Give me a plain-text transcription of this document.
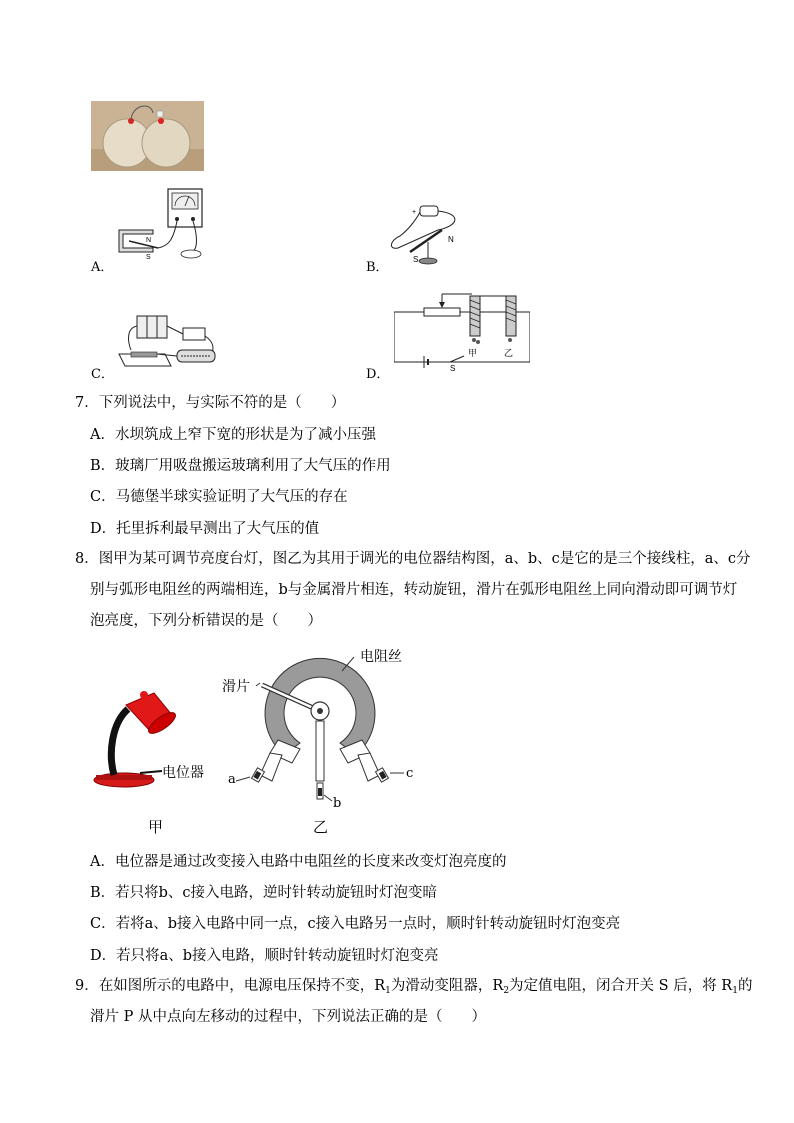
N
S
A．
+
S
N
B．
C．
甲	乙
S
D．
7．下列说法中，与实际不符的是（　　）
A．水坝筑成上窄下宽的形状是为了减小压强
B．玻璃厂用吸盘搬运玻璃利用了大气压的作用
C．马德堡半球实验证明了大气压的存在
D．托里拆利最早测出了大气压的值
8．图甲为某可调节亮度台灯，图乙为其用于调光的电位器结构图，a、b、c是它的是三个接线柱，a、c分
别与弧形电阻丝的两端相连，b与金属滑片相连，转动旋钮，滑片在弧形电阻丝上同向滑动即可调节灯
泡亮度，下列分析错误的是（　　）
电位器
甲
电阻丝
滑片
a
b
c
乙
A．电位器是通过改变接入电路中电阻丝的长度来改变灯泡亮度的
B．若只将b、c接入电路，逆时针转动旋钮时灯泡变暗
C．若将a、b接入电路中同一点，c接入电路另一点时，顺时针转动旋钮时灯泡变亮
D．若只将a、b接入电路，顺时针转动旋钮时灯泡变亮
9．在如图所示的电路中，电源电压保持不变，$R_1$为滑动变阻器，$R_2$为定值电阻，闭合开关 S 后，将 $R_1$的
滑片 P 从中点向左移动的过程中，下列说法正确的是（　　）
